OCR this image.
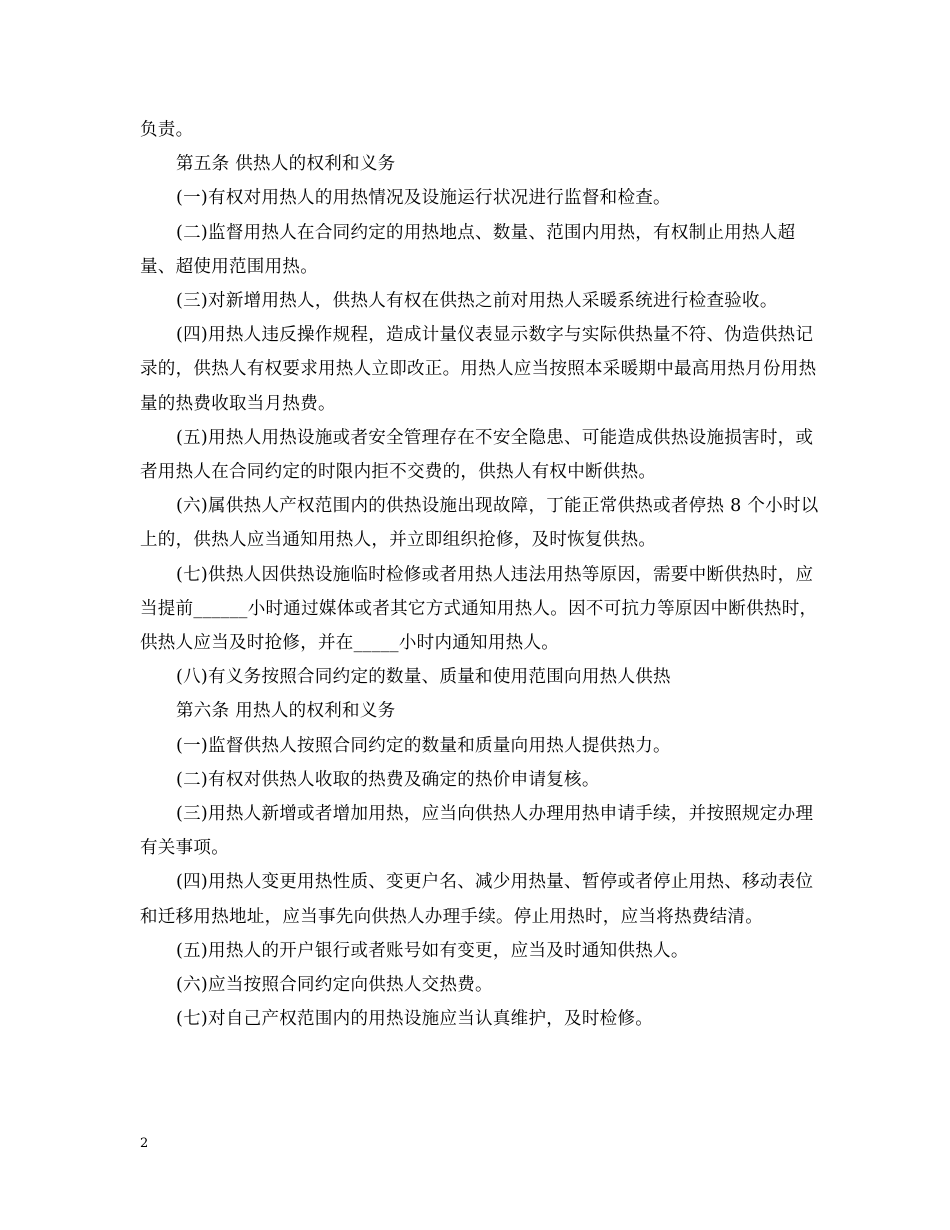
负责。

第五条 供热人的权利和义务

(一)有权对用热人的用热情况及设施运行状况进行监督和检查。

(二)监督用热人在合同约定的用热地点、数量、范围内用热，有权制止用热人超量、超使用范围用热。

(三)对新增用热人，供热人有权在供热之前对用热人采暖系统进行检查验收。

(四)用热人违反操作规程，造成计量仪表显示数字与实际供热量不符、伪造供热记录的，供热人有权要求用热人立即改正。用热人应当按照本采暖期中最高用热月份用热量的热费收取当月热费。

(五)用热人用热设施或者安全管理存在不安全隐患、可能造成供热设施损害时，或者用热人在合同约定的时限内拒不交费的，供热人有权中断供热。

(六)属供热人产权范围内的供热设施出现故障，丁能正常供热或者停热 8 个小时以上的，供热人应当通知用热人，并立即组织抢修，及时恢复供热。

(七)供热人因供热设施临时检修或者用热人违法用热等原因，需要中断供热时，应当提前______小时通过媒体或者其它方式通知用热人。因不可抗力等原因中断供热时，供热人应当及时抢修，并在_____小时内通知用热人。

(八)有义务按照合同约定的数量、质量和使用范围向用热人供热

第六条 用热人的权利和义务

(一)监督供热人按照合同约定的数量和质量向用热人提供热力。

(二)有权对供热人收取的热费及确定的热价申请复核。

(三)用热人新增或者增加用热，应当向供热人办理用热申请手续，并按照规定办理有关事项。

(四)用热人变更用热性质、变更户名、减少用热量、暂停或者停止用热、移动表位和迁移用热地址，应当事先向供热人办理手续。停止用热时，应当将热费结清。

(五)用热人的开户银行或者账号如有变更，应当及时通知供热人。

(六)应当按照合同约定向供热人交热费。

(七)对自己产权范围内的用热设施应当认真维护，及时检修。

2
